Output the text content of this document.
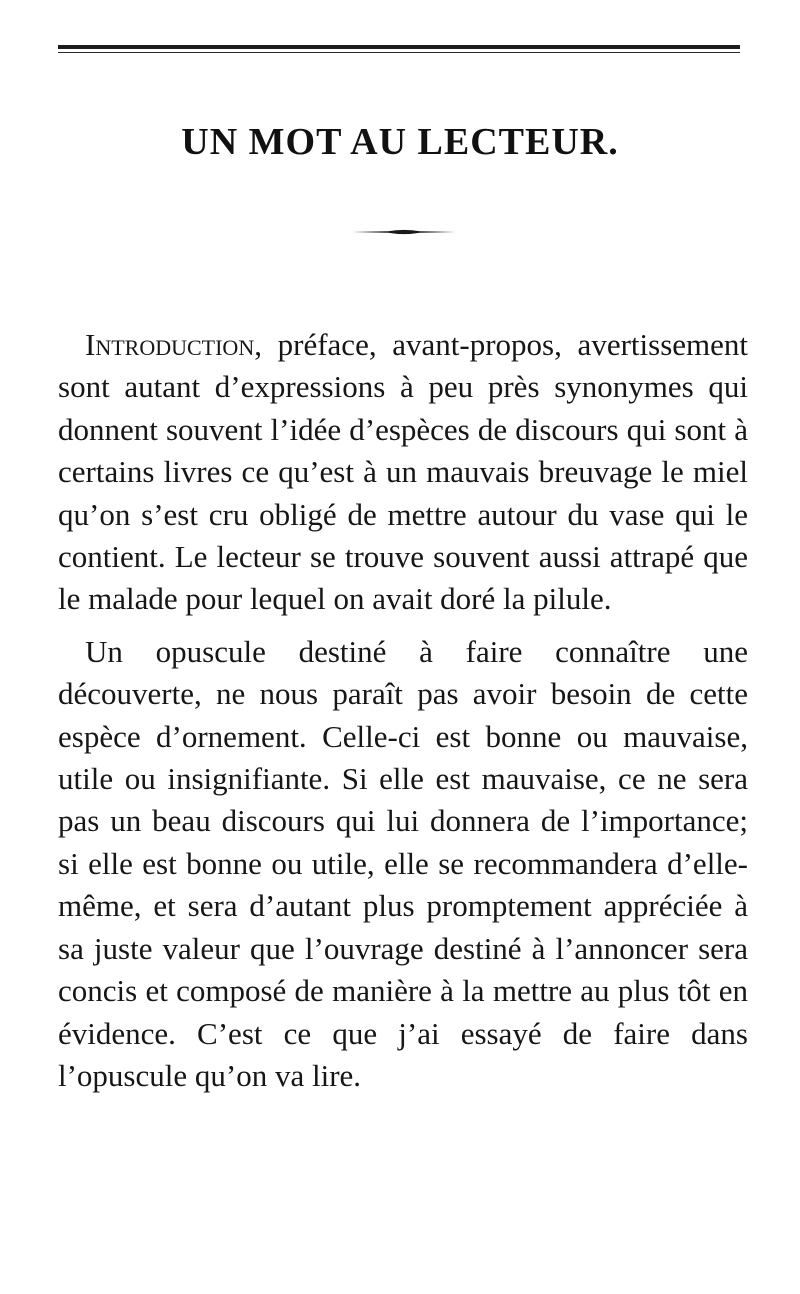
UN MOT AU LECTEUR.

Introduction, préface, avant-propos, avertissement sont autant d’expressions à peu près synonymes qui donnent souvent l’idée d’espèces de discours qui sont à certains livres ce qu’est à un mauvais breuvage le miel qu’on s’est cru obligé de mettre autour du vase qui le contient. Le lecteur se trouve souvent aussi attrapé que le malade pour lequel on avait doré la pilule.

Un opuscule destiné à faire connaître une découverte, ne nous paraît pas avoir besoin de cette espèce d’ornement. Celle-ci est bonne ou mauvaise, utile ou insignifiante. Si elle est mauvaise, ce ne sera pas un beau discours qui lui donnera de l’importance; si elle est bonne ou utile, elle se recommandera d’elle-même, et sera d’autant plus promptement appréciée à sa juste valeur que l’ouvrage destiné à l’annoncer sera concis et composé de manière à la mettre au plus tôt en évidence. C’est ce que j’ai essayé de faire dans l’opuscule qu’on va lire.
